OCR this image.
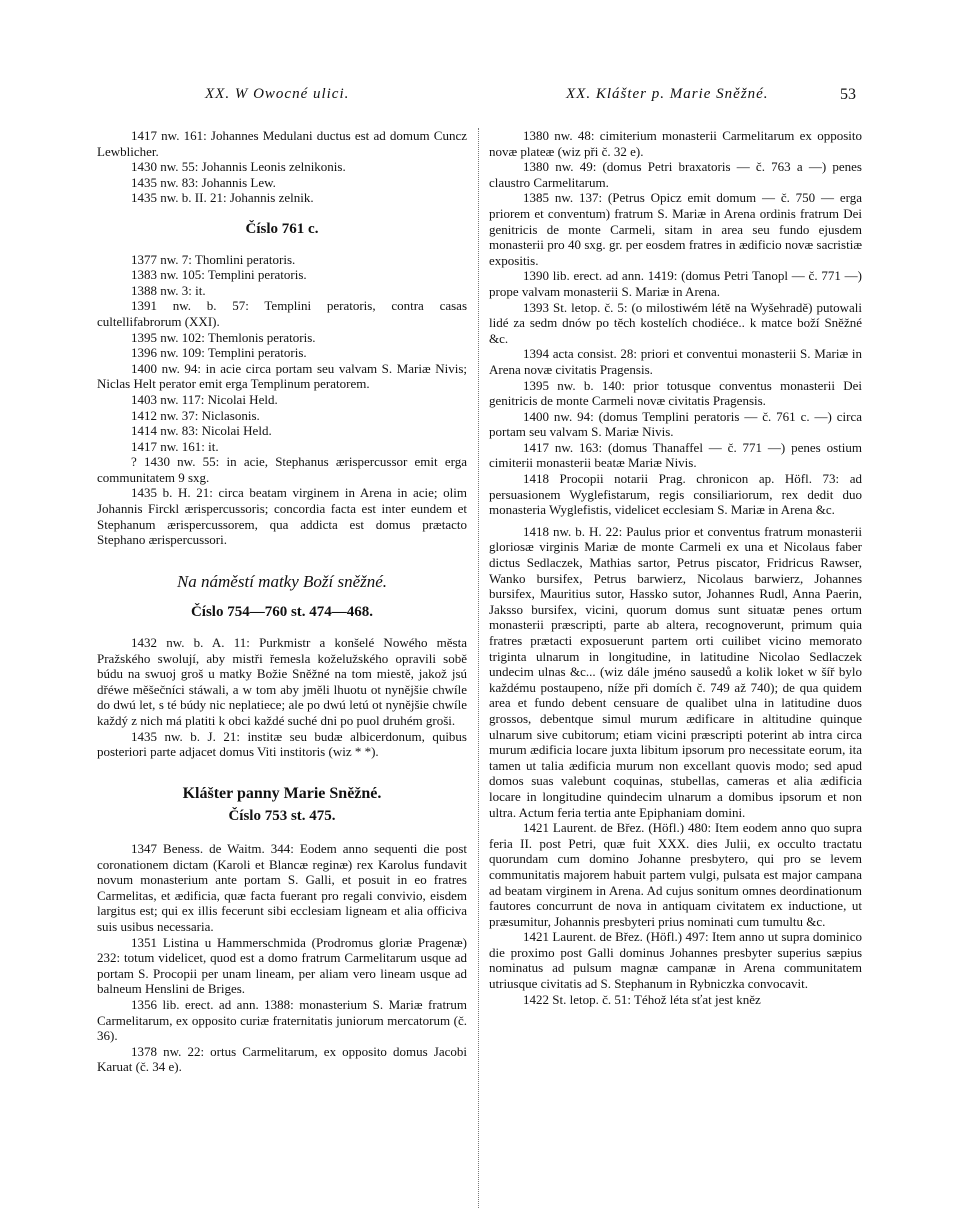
XX. W Owocné ulici.	XX. Klášter p. Marie Sněžné.	53

1417 nw. 161: Johannes Medulani ductus est ad domum Cuncz Lewblicher.

1430 nw. 55: Johannis Leonis zelnikonis.

1435 nw. 83: Johannis Lew.

1435 nw. b. II. 21: Johannis zelnik.

Číslo 761 c.

1377 nw. 7: Thomlini peratoris.

1383 nw. 105: Templini peratoris.

1388 nw. 3: it.

1391 nw. b. 57: Templini peratoris, contra casas cultellifabrorum (XXI).

1395 nw. 102: Themlonis peratoris.

1396 nw. 109: Templini peratoris.

1400 nw. 94: in acie circa portam seu valvam S. Mariæ Nivis; Niclas Helt perator emit erga Templinum peratorem.

1403 nw. 117: Nicolai Held.

1412 nw. 37: Niclasonis.

1414 nw. 83: Nicolai Held.

1417 nw. 161: it.

? 1430 nw. 55: in acie, Stephanus ærispercussor emit erga communitatem 9 sxg.

1435 b. H. 21: circa beatam virginem in Arena in acie; olim Johannis Firckl ærispercussoris; concordia facta est inter eundem et Stephanum ærispercussorem, qua addicta est domus prætacto Stephano ærispercussori.

Na náměstí matky Boží sněžné.
Číslo 754—760 st. 474—468.

1432 nw. b. A. 11: Purkmistr a konšelé Nowého města Pražského swolují, aby mistři řemesla koželužského opravili sobě búdu na swuoj groš u matky Božie Sněžné na tom miestě, jakož jsú dřéwe měšečníci stáwali, a w tom aby jměli lhuotu ot nynějšie chwíle do dwú let, s té búdy nic neplatiece; ale po dwú letú ot nynějšie chwíle každý z nich má platiti k obci každé suché dni po puol druhém groši.

1435 nw. b. J. 21: institæ seu budæ albicerdonum, quibus posteriori parte adjacet domus Viti institoris (wiz * *).

Klášter panny Marie Sněžné.
Číslo 753 st. 475.

1347 Beness. de Waitm. 344: Eodem anno sequenti die post coronationem dictam (Karoli et Blancæ reginæ) rex Karolus fundavit novum monasterium ante portam S. Galli, et posuit in eo fratres Carmelitas, et ædificia, quæ facta fuerant pro regali convivio, eisdem largitus est; qui ex illis fecerunt sibi ecclesiam ligneam et alia officiva suis usibus necessaria.

1351 Listina u Hammerschmida (Prodromus gloriæ Pragenæ) 232: totum videlicet, quod est a domo fratrum Carmelitarum usque ad portam S. Procopii per unam lineam, per aliam vero lineam usque ad balneum Henslini de Briges.

1356 lib. erect. ad ann. 1388: monasterium S. Mariæ fratrum Carmelitarum, ex opposito curiæ fraternitatis juniorum mercatorum (č. 36).

1378 nw. 22: ortus Carmelitarum, ex opposito domus Jacobi Karuat (č. 34 e).

1380 nw. 48: cimiterium monasterii Carmelitarum ex opposito novæ plateæ (wiz při č. 32 e).

1380 nw. 49: (domus Petri braxatoris — č. 763 a —) penes claustro Carmelitarum.

1385 nw. 137: (Petrus Opicz emit domum — č. 750 — erga priorem et conventum) fratrum S. Mariæ in Arena ordinis fratrum Dei genitricis de monte Carmeli, sitam in area seu fundo ejusdem monasterii pro 40 sxg. gr. per eosdem fratres in ædificio novæ sacristiæ expositis.

1390 lib. erect. ad ann. 1419: (domus Petri Tanopl — č. 771 —) prope valvam monasterii S. Mariæ in Arena.

1393 St. letop. č. 5: (o milostiwém létě na Wyšehradě) putowali lidé za sedm dnów po těch kostelích chodiéce.. k matce boží Sněžné &c.

1394 acta consist. 28: priori et conventui monasterii S. Mariæ in Arena novæ civitatis Pragensis.

1395 nw. b. 140: prior totusque conventus monasterii Dei genitricis de monte Carmeli novæ civitatis Pragensis.

1400 nw. 94: (domus Templini peratoris — č. 761 c. —) circa portam seu valvam S. Mariæ Nivis.

1417 nw. 163: (domus Thanaffel — č. 771 —) penes ostium cimiterii monasterii beatæ Mariæ Nivis.

1418 Procopii notarii Prag. chronicon ap. Höfl. 73: ad persuasionem Wyglefistarum, regis consiliariorum, rex dedit duo monasteria Wyglefistis, videlicet ecclesiam S. Mariæ in Arena &c.

1418 nw. b. H. 22: Paulus prior et conventus fratrum monasterii gloriosæ virginis Mariæ de monte Carmeli ex una et Nicolaus faber dictus Sedlaczek, Mathias sartor, Petrus piscator, Fridricus Rawser, Wanko bursifex, Petrus barwierz, Nicolaus barwierz, Johannes bursifex, Mauritius sutor, Hassko sutor, Johannes Rudl, Anna Paerin, Jaksso bursifex, vicini, quorum domus sunt situatæ penes ortum monasterii præscripti, parte ab altera, recognoverunt, primum quia fratres prætacti exposuerunt partem orti cuilibet vicino memorato triginta ulnarum in longitudine, in latitudine Nicolao Sedlaczek undecim ulnas &c... (wiz dále jméno sausedů a kolik loket w šíř bylo každému postaupeno, níže při domích č. 749 až 740); de qua quidem area et fundo debent censuare de qualibet ulna in latitudine duos grossos, debentque simul murum ædificare in altitudine quinque ulnarum sive cubitorum; etiam vicini præscripti poterint ab intra circa murum ædificia locare juxta libitum ipsorum pro necessitate eorum, ita tamen ut talia ædificia murum non excellant quovis modo; sed apud domos suas valebunt coquinas, stubellas, cameras et alia ædificia locare in longitudine quindecim ulnarum a domibus ipsorum et non ultra. Actum feria tertia ante Epiphaniam domini.

1421 Laurent. de Břez. (Höfl.) 480: Item eodem anno quo supra feria II. post Petri, quæ fuit XXX. dies Julii, ex occulto tractatu quorundam cum domino Johanne presbytero, qui pro se levem communitatis majorem habuit partem vulgi, pulsata est major campana ad beatam virginem in Arena. Ad cujus sonitum omnes deordinationum fautores concurrunt de nova in antiquam civitatem ex inductione, ut præsumitur, Johannis presbyteri prius nominati cum tumultu &c.

1421 Laurent. de Břez. (Höfl.) 497: Item anno ut supra dominico die proximo post Galli dominus Johannes presbyter superius sæpius nominatus ad pulsum magnæ campanæ in Arena communitatem utriusque civitatis ad S. Stephanum in Rybniczka convocavit.

1422 St. letop. č. 51: Téhož léta sťat jest kněz
